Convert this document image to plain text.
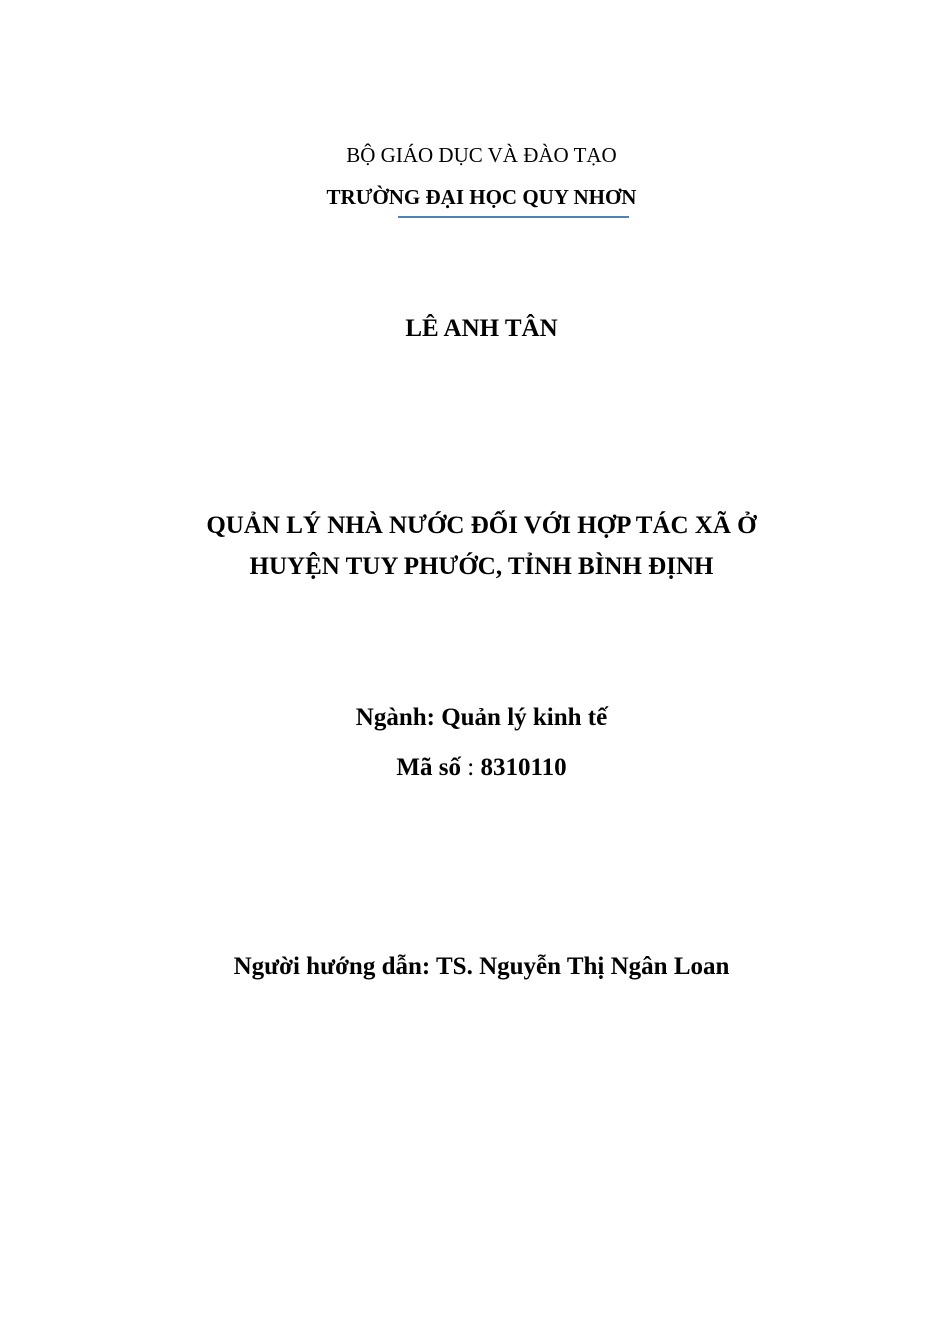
BỘ GIÁO DỤC VÀ ĐÀO TẠO

TRƯỜNG ĐẠI HỌC QUY NHƠN

LÊ ANH TÂN

QUẢN LÝ NHÀ NƯỚC ĐỐI VỚI HỢP TÁC XÃ Ở

HUYỆN TUY PHƯỚC, TỈNH BÌNH ĐỊNH

Ngành: Quản lý kinh tế

Mã số : 8310110

Người hướng dẫn: TS. Nguyễn Thị Ngân Loan
